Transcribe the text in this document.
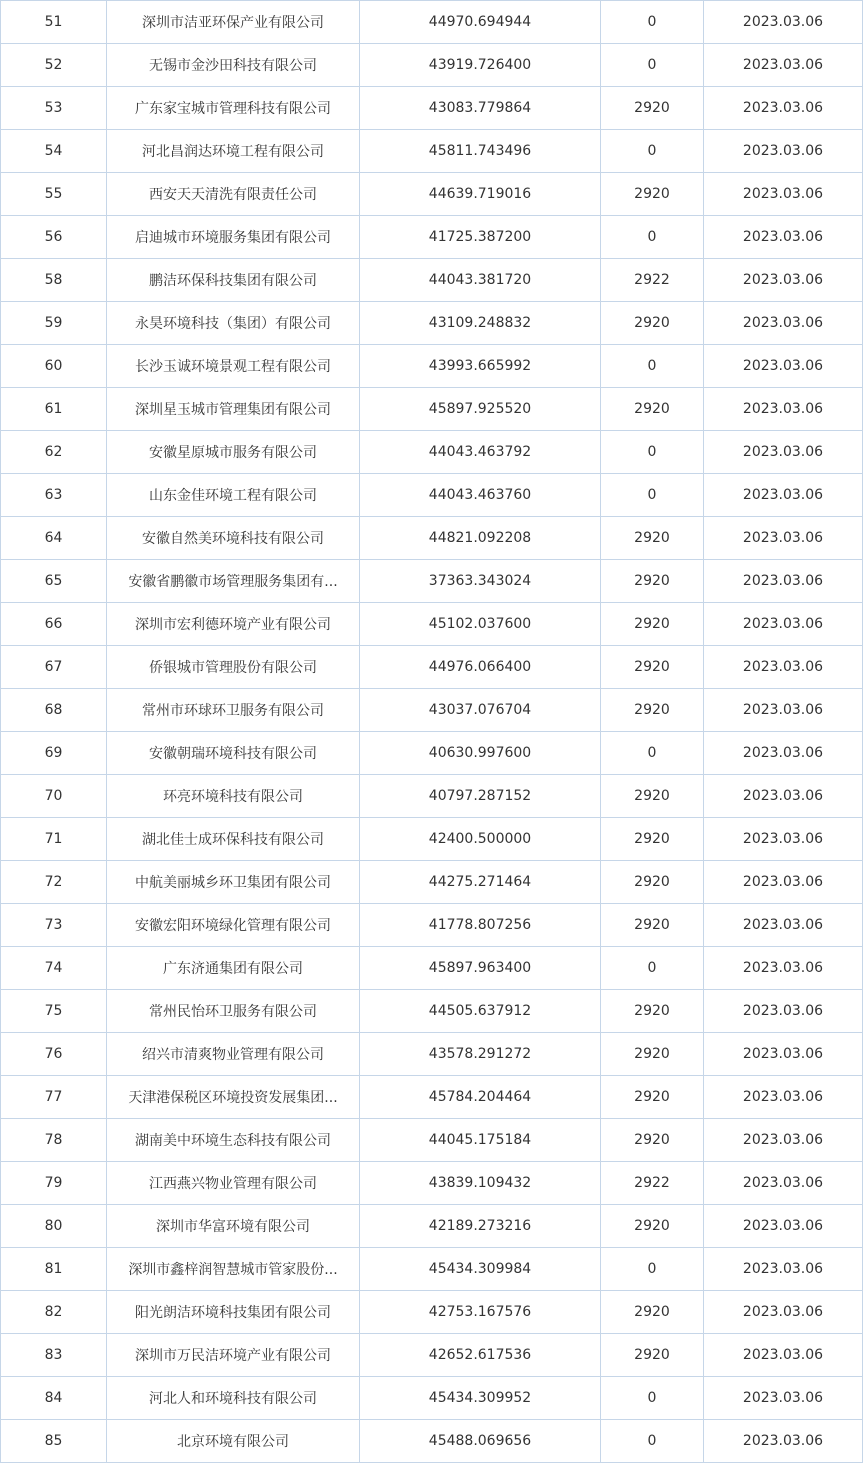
51	深圳市洁亚环保产业有限公司	44970.694944	0	2023.03.06
52	无锡市金沙田科技有限公司	43919.726400	0	2023.03.06
53	广东家宝城市管理科技有限公司	43083.779864	2920	2023.03.06
54	河北昌润达环境工程有限公司	45811.743496	0	2023.03.06
55	西安天天清洗有限责任公司	44639.719016	2920	2023.03.06
56	启迪城市环境服务集团有限公司	41725.387200	0	2023.03.06
58	鹏洁环保科技集团有限公司	44043.381720	2922	2023.03.06
59	永昊环境科技（集团）有限公司	43109.248832	2920	2023.03.06
60	长沙玉诚环境景观工程有限公司	43993.665992	0	2023.03.06
61	深圳星玉城市管理集团有限公司	45897.925520	2920	2023.03.06
62	安徽星原城市服务有限公司	44043.463792	0	2023.03.06
63	山东金佳环境工程有限公司	44043.463760	0	2023.03.06
64	安徽自然美环境科技有限公司	44821.092208	2920	2023.03.06
65	安徽省鹏徽市场管理服务集团有...	37363.343024	2920	2023.03.06
66	深圳市宏利德环境产业有限公司	45102.037600	2920	2023.03.06
67	侨银城市管理股份有限公司	44976.066400	2920	2023.03.06
68	常州市环球环卫服务有限公司	43037.076704	2920	2023.03.06
69	安徽朝瑞环境科技有限公司	40630.997600	0	2023.03.06
70	环亮环境科技有限公司	40797.287152	2920	2023.03.06
71	湖北佳士成环保科技有限公司	42400.500000	2920	2023.03.06
72	中航美丽城乡环卫集团有限公司	44275.271464	2920	2023.03.06
73	安徽宏阳环境绿化管理有限公司	41778.807256	2920	2023.03.06
74	广东济通集团有限公司	45897.963400	0	2023.03.06
75	常州民怡环卫服务有限公司	44505.637912	2920	2023.03.06
76	绍兴市清爽物业管理有限公司	43578.291272	2920	2023.03.06
77	天津港保税区环境投资发展集团...	45784.204464	2920	2023.03.06
78	湖南美中环境生态科技有限公司	44045.175184	2920	2023.03.06
79	江西燕兴物业管理有限公司	43839.109432	2922	2023.03.06
80	深圳市华富环境有限公司	42189.273216	2920	2023.03.06
81	深圳市鑫梓润智慧城市管家股份...	45434.309984	0	2023.03.06
82	阳光朗洁环境科技集团有限公司	42753.167576	2920	2023.03.06
83	深圳市万民洁环境产业有限公司	42652.617536	2920	2023.03.06
84	河北人和环境科技有限公司	45434.309952	0	2023.03.06
85	北京环境有限公司	45488.069656	0	2023.03.06
